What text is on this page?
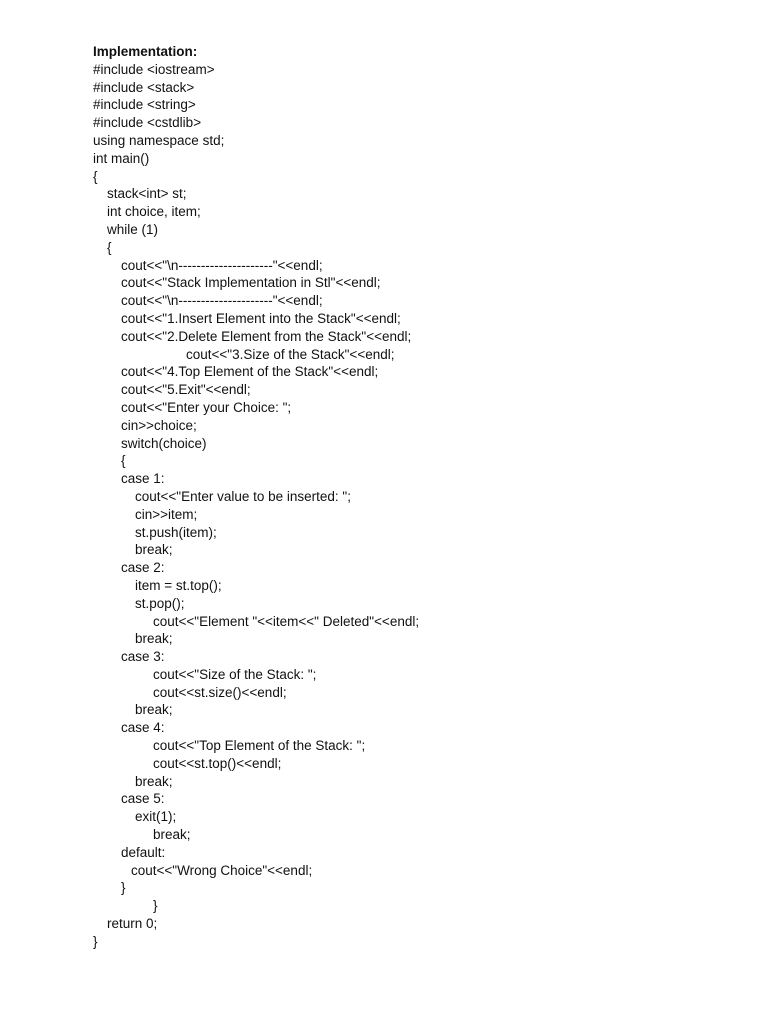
Implementation:
#include <iostream>
#include <stack>
#include <string>
#include <cstdlib>
using namespace std;
int main()
{
stack<int> st;
int choice, item;
while (1)
{
cout<<"\n---------------------"<<endl;
cout<<"Stack Implementation in Stl"<<endl;
cout<<"\n---------------------"<<endl;
cout<<"1.Insert Element into the Stack"<<endl;
cout<<"2.Delete Element from the Stack"<<endl;
cout<<"3.Size of the Stack"<<endl;
cout<<"4.Top Element of the Stack"<<endl;
cout<<"5.Exit"<<endl;
cout<<"Enter your Choice: ";
cin>>choice;
switch(choice)
{
case 1:
cout<<"Enter value to be inserted: ";
cin>>item;
st.push(item);
break;
case 2:
item = st.top();
st.pop();
cout<<"Element "<<item<<" Deleted"<<endl;
break;
case 3:
cout<<"Size of the Stack: ";
cout<<st.size()<<endl;
break;
case 4:
cout<<"Top Element of the Stack: ";
cout<<st.top()<<endl;
break;
case 5:
exit(1);
break;
default:
cout<<"Wrong Choice"<<endl;
}
}
return 0;
}
